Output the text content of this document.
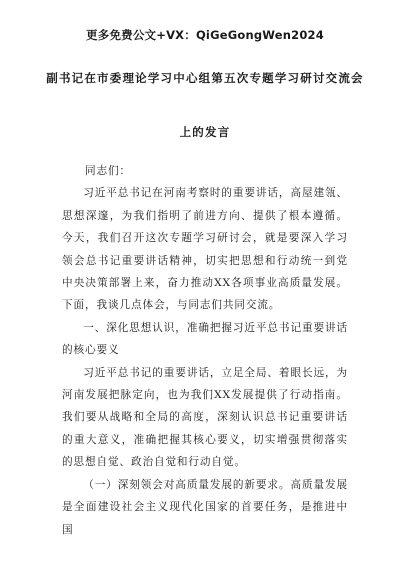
更多免费公文+VX：QiGeGongWen2024
副书记在市委理论学习中心组第五次专题学习研讨交流会
上的发言

同志们：

习近平总书记在河南考察时的重要讲话，高屋建瓴、思想深邃，为我们指明了前进方向、提供了根本遵循。今天，我们召开这次专题学习研讨会，就是要深入学习领会总书记重要讲话精神，切实把思想和行动统一到党中央决策部署上来，奋力推动XX各项事业高质量发展。下面，我谈几点体会，与同志们共同交流。

一、深化思想认识，准确把握习近平总书记重要讲话的核心要义

习近平总书记的重要讲话，立足全局、着眼长远，为河南发展把脉定向，也为我们XX发展提供了行动指南。我们要从战略和全局的高度，深刻认识总书记重要讲话的重大意义，准确把握其核心要义，切实增强贯彻落实的思想自觉、政治自觉和行动自觉。

（一）深刻领会对高质量发展的新要求。高质量发展是全面建设社会主义现代化国家的首要任务，是推进中国
